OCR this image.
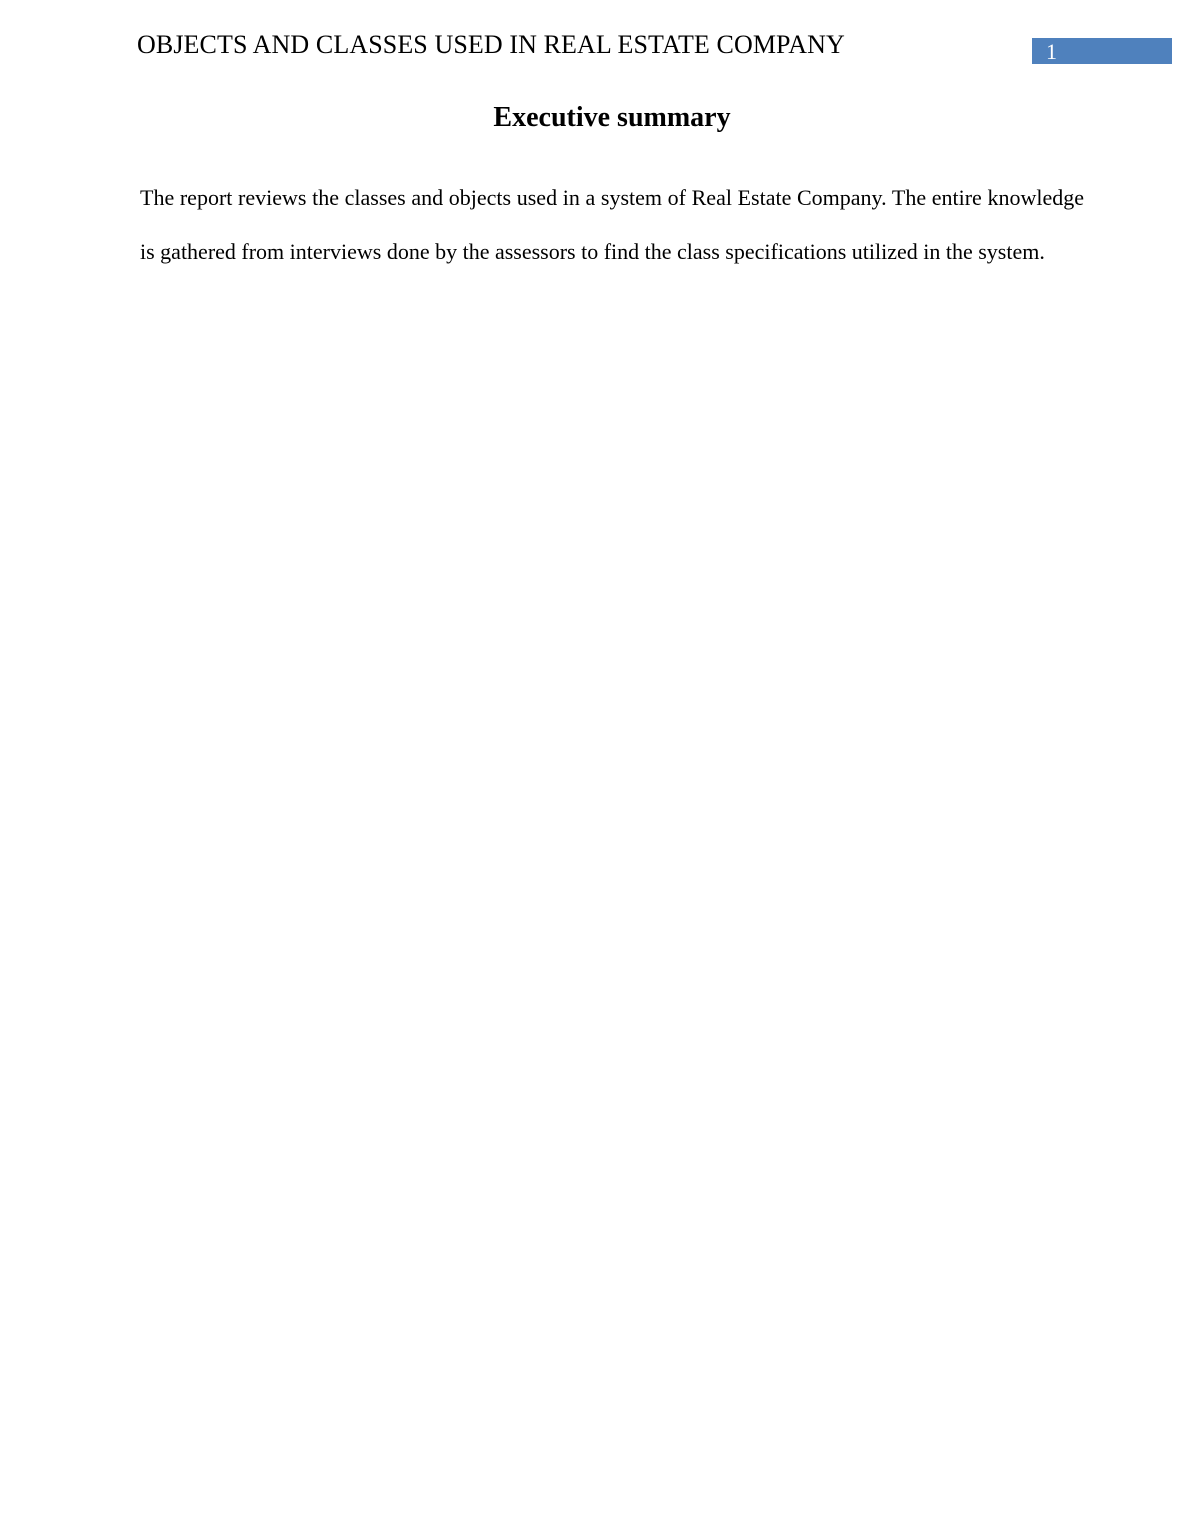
OBJECTS AND CLASSES USED IN REAL ESTATE COMPANY	1
Executive summary

The report reviews the classes and objects used in a system of Real Estate Company. The entire knowledge is gathered from interviews done by the assessors to find the class specifications utilized in the system.
